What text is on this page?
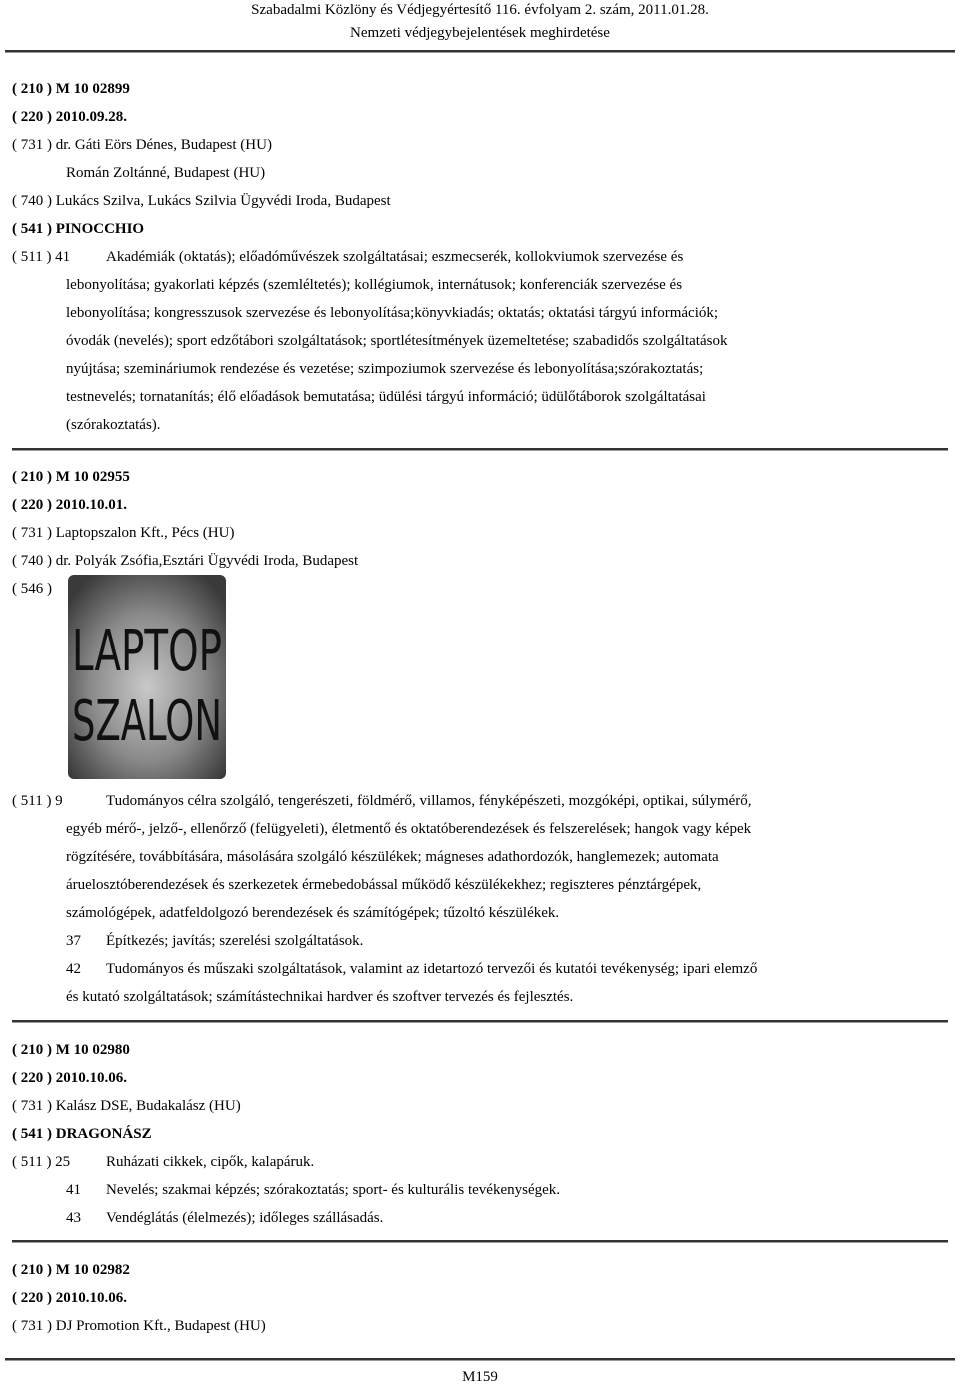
Szabadalmi Közlöny és Védjegyértesítő 116. évfolyam 2. szám, 2011.01.28.
Nemzeti védjegybejelentések meghirdetése
( 210 ) M 10 02899
( 220 ) 2010.09.28.
( 731 ) dr. Gáti Eörs Dénes, Budapest (HU)
Román Zoltánné, Budapest (HU)
( 740 ) Lukács Szilva, Lukács Szilvia Ügyvédi Iroda, Budapest
( 541 ) PINOCCHIO
( 511 ) 41 Akadémiák (oktatás); előadóművészek szolgáltatásai; eszmecserék, kollokviumok szervezése és
lebonyolítása; gyakorlati képzés (szemléltetés); kollégiumok, internátusok; konferenciák szervezése és
lebonyolítása; kongresszusok szervezése és lebonyolítása;könyvkiadás; oktatás; oktatási tárgyú információk;
óvodák (nevelés); sport edzőtábori szolgáltatások; sportlétesítmények üzemeltetése; szabadidős szolgáltatások
nyújtása; szemináriumok rendezése és vezetése; szimpoziumok szervezése és lebonyolítása;szórakoztatás;
testnevelés; tornatanítás; élő előadások bemutatása; üdülési tárgyú információ; üdülőtáborok szolgáltatásai
(szórakoztatás).
( 210 ) M 10 02955
( 220 ) 2010.10.01.
( 731 ) Laptopszalon Kft., Pécs (HU)
( 740 ) dr. Polyák Zsófia,Esztári Ügyvédi Iroda, Budapest
( 546 )
LAPTOP
SZALON
( 511 ) 9	Tudományos célra szolgáló, tengerészeti, földmérő, villamos, fényképészeti, mozgóképi, optikai, súlymérő,
egyéb mérő-, jelző-, ellenőrző (felügyeleti), életmentő és oktatóberendezések és felszerelések; hangok vagy képek
rögzítésére, továbbítására, másolására szolgáló készülékek; mágneses adathordozók, hanglemezek; automata
áruelosztóberendezések és szerkezetek érmebedobással működő készülékekhez; regiszteres pénztárgépek,
számológépek, adatfeldolgozó berendezések és számítógépek; tűzoltó készülékek.
37 Építkezés; javítás; szerelési szolgáltatások.
42 Tudományos és műszaki szolgáltatások, valamint az idetartozó tervezői és kutatói tevékenység; ipari elemző
és kutató szolgáltatások; számítástechnikai hardver és szoftver tervezés és fejlesztés.
( 210 ) M 10 02980
( 220 ) 2010.10.06.
( 731 ) Kalász DSE, Budakalász (HU)
( 541 ) DRAGONÁSZ
( 511 ) 25 Ruházati cikkek, cipők, kalapáruk.
41 Nevelés; szakmai képzés; szórakoztatás; sport- és kulturális tevékenységek.
43 Vendéglátás (élelmezés); időleges szállásadás.
( 210 ) M 10 02982
( 220 ) 2010.10.06.
( 731 ) DJ Promotion Kft., Budapest (HU)
M159
